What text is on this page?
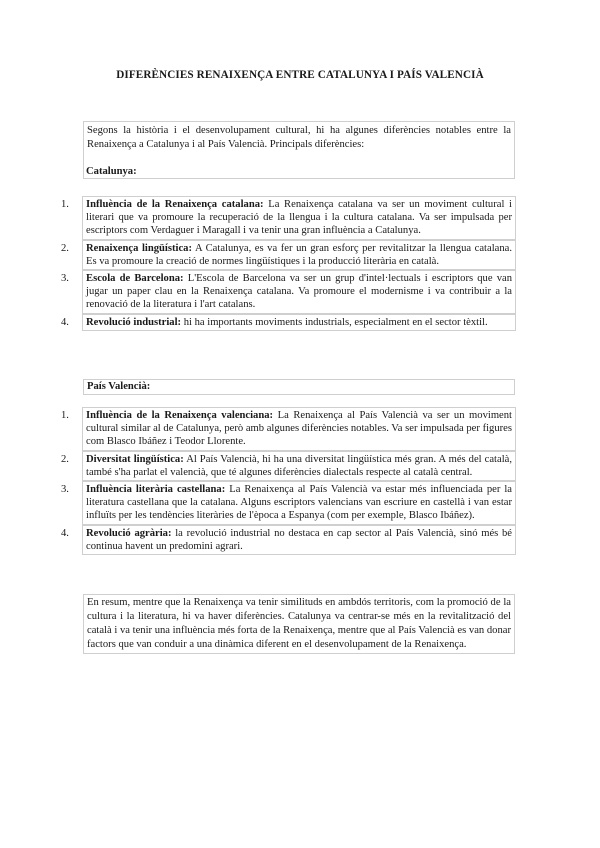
DIFERÈNCIES RENAIXENÇA ENTRE CATALUNYA I PAÍS VALENCIÀ
Segons la història i el desenvolupament cultural, hi ha algunes diferències notables entre la Renaixença a Catalunya i al País Valencià. Principals diferències:
Catalunya:
1.	Influència de la Renaixença catalana: La Renaixença catalana va ser un moviment cultural i literari que va promoure la recuperació de la llengua i la cultura catalana. Va ser impulsada per escriptors com Verdaguer i Maragall i va tenir una gran influència a Catalunya.
2.	Renaixença lingüística: A Catalunya, es va fer un gran esforç per revitalitzar la llengua catalana. Es va promoure la creació de normes lingüístiques i la producció literària en català.
3.	Escola de Barcelona: L'Escola de Barcelona va ser un grup d'intel·lectuals i escriptors que van jugar un paper clau en la Renaixença catalana. Va promoure el modernisme i va contribuir a la renovació de la literatura i l'art catalans.
4.	Revolució industrial: hi ha importants moviments industrials, especialment en el sector tèxtil.
País Valencià:
1.	Influència de la Renaixença valenciana: La Renaixença al País Valencià va ser un moviment cultural similar al de Catalunya, però amb algunes diferències notables. Va ser impulsada per figures com Blasco Ibáñez i Teodor Llorente.
2.	Diversitat lingüística: Al País Valencià, hi ha una diversitat lingüística més gran. A més del català, també s'ha parlat el valencià, que té algunes diferències dialectals respecte al català central.
3.	Influència literària castellana: La Renaixença al País Valencià va estar més influenciada per la literatura castellana que la catalana. Alguns escriptors valencians van escriure en castellà i van estar influïts per les tendències literàries de l'època a Espanya (com per exemple, Blasco Ibáñez).
4.	Revolució agrària: la revolució industrial no destaca en cap sector al País Valencià, sinó més bé continua havent un predomini agrari.
En resum, mentre que la Renaixença va tenir similituds en ambdós territoris, com la promoció de la cultura i la literatura, hi va haver diferències. Catalunya va centrar-se més en la revitalització del català i va tenir una influència més forta de la Renaixença, mentre que al País Valencià es van donar factors que van conduir a una dinàmica diferent en el desenvolupament de la Renaixença.
